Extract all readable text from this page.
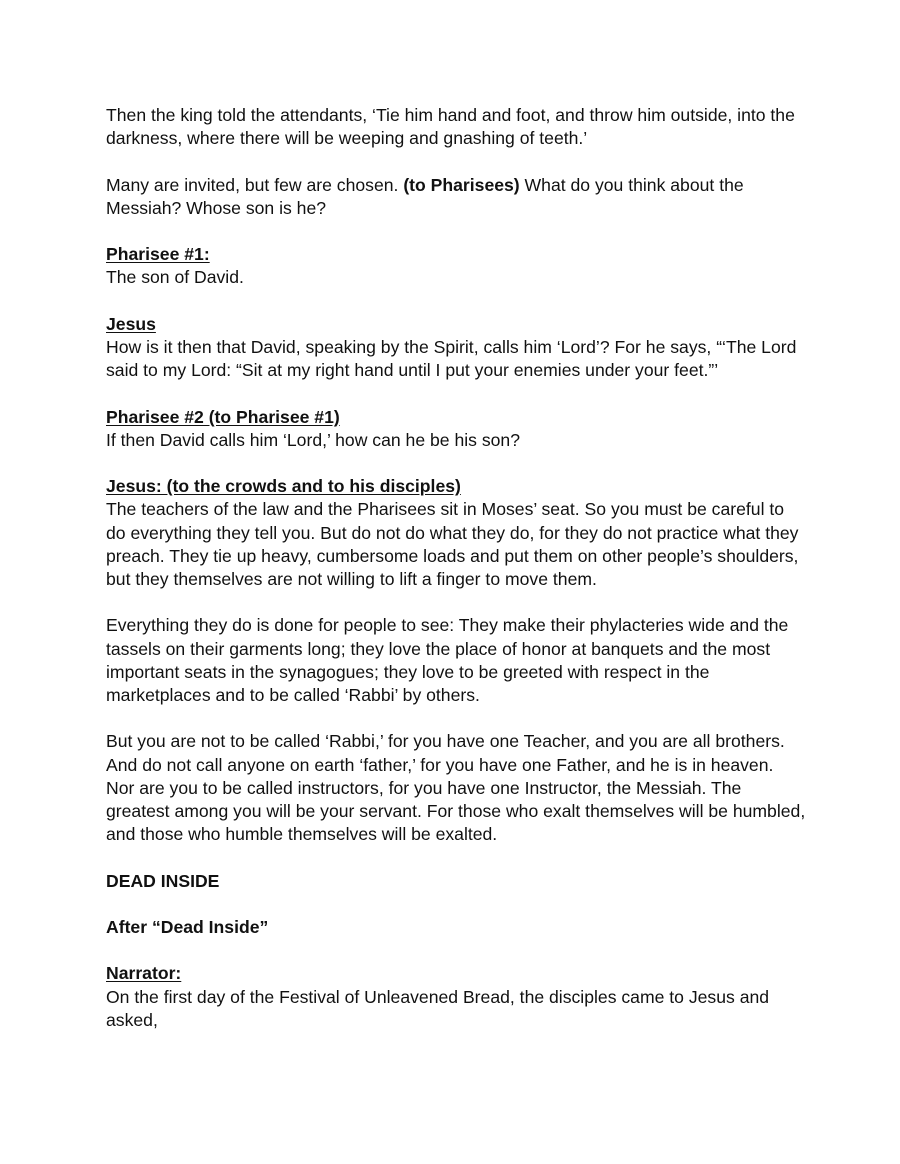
Then the king told the attendants, ‘Tie him hand and foot, and throw him outside, into the darkness, where there will be weeping and gnashing of teeth.’

Many are invited, but few are chosen. (to Pharisees) What do you think about the Messiah? Whose son is he?

Pharisee #1:

The son of David.

Jesus

How is it then that David, speaking by the Spirit, calls him ‘Lord’? For he says, “‘The Lord said to my Lord: “Sit at my right hand until I put your enemies under your feet.”’

Pharisee #2 (to Pharisee #1)

If then David calls him ‘Lord,’ how can he be his son?

Jesus: (to the crowds and to his disciples)

The teachers of the law and the Pharisees sit in Moses’ seat. So you must be careful to do everything they tell you. But do not do what they do, for they do not practice what they preach. They tie up heavy, cumbersome loads and put them on other people’s shoulders, but they themselves are not willing to lift a finger to move them.

Everything they do is done for people to see: They make their phylacteries wide and the tassels on their garments long; they love the place of honor at banquets and the most important seats in the synagogues; they love to be greeted with respect in the marketplaces and to be called ‘Rabbi’ by others.

But you are not to be called ‘Rabbi,’ for you have one Teacher, and you are all brothers. And do not call anyone on earth ‘father,’ for you have one Father, and he is in heaven. Nor are you to be called instructors, for you have one Instructor, the Messiah. The greatest among you will be your servant. For those who exalt themselves will be humbled, and those who humble themselves will be exalted.

DEAD INSIDE

After “Dead Inside”

Narrator:

On the first day of the Festival of Unleavened Bread, the disciples came to Jesus and asked,
